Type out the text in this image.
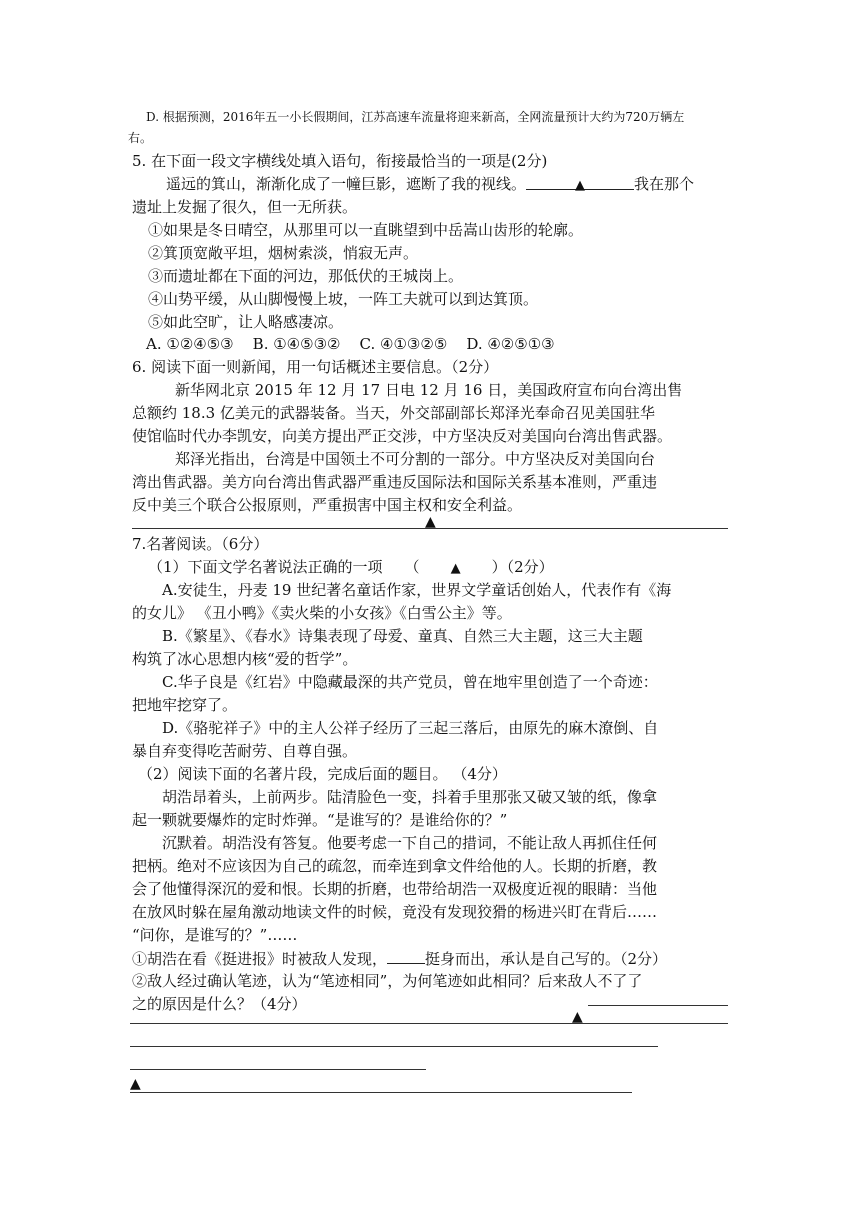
D. 根据预测，2016年五一小长假期间，江苏高速车流量将迎来新高，全网流量预计大约为720万辆左
右。
5. 在下面一段文字横线处填入语句，衔接最恰当的一项是(2分)
遥远的箕山，渐渐化成了一幢巨影，遮断了我的视线。	▲	我在那个
遗址上发掘了很久，但一无所获。
①如果是冬日晴空，从那里可以一直眺望到中岳嵩山齿形的轮廓。
②箕顶宽敞平坦，烟树索淡，悄寂无声。
③而遗址都在下面的河边，那低伏的王城岗上。
④山势平缓，从山脚慢慢上坡，一阵工夫就可以到达箕顶。
⑤如此空旷，让人略感凄凉。
A. ①②④⑤③    B. ①④⑤③②    C. ④①③②⑤    D. ④②⑤①③
6. 阅读下面一则新闻，用一句话概述主要信息。（2分）
新华网北京 2015 年 12 月 17 日电 12 月 16 日，美国政府宣布向台湾出售
总额约 18.3 亿美元的武器装备。当天，外交部副部长郑泽光奉命召见美国驻华
使馆临时代办李凯安，向美方提出严正交涉，中方坚决反对美国向台湾出售武器。
郑泽光指出，台湾是中国领土不可分割的一部分。中方坚决反对美国向台
湾出售武器。美方向台湾出售武器严重违反国际法和国际关系基本准则，严重违
反中美三个联合公报原则，严重损害中国主权和安全利益。
▲
7.名著阅读。（6分）
（1）下面文学名著说法正确的一项 （ ▲ ）（2分）
A.安徒生，丹麦 19 世纪著名童话作家，世界文学童话创始人，代表作有《海
的女儿》 《丑小鸭》《卖火柴的小女孩》《白雪公主》等。
B.《繁星》、《春水》诗集表现了母爱、童真、自然三大主题，这三大主题
构筑了冰心思想内核“爱的哲学”。
C.华子良是《红岩》中隐藏最深的共产党员，曾在地牢里创造了一个奇迹：
把地牢挖穿了。
D.《骆驼祥子》中的主人公祥子经历了三起三落后，由原先的麻木潦倒、自
暴自弃变得吃苦耐劳、自尊自强。
（2）阅读下面的名著片段，完成后面的题目。 （4分）
胡浩昂着头，上前两步。陆清脸色一变，抖着手里那张又破又皱的纸，像拿
起一颗就要爆炸的定时炸弹。“是谁写的？是谁给你的？”
沉默着。胡浩没有答复。他要考虑一下自己的措词，不能让敌人再抓住任何
把柄。绝对不应该因为自己的疏忽，而牵连到拿文件给他的人。长期的折磨，教
会了他懂得深沉的爱和恨。长期的折磨，也带给胡浩一双极度近视的眼睛：当他
在放风时躲在屋角激动地读文件的时候，竟没有发现狡猾的杨进兴盯在背后……
“问你，是谁写的？”……
①胡浩在看《挺进报》时被敌人发现，	挺身而出，承认是自己写的。（2分）
②敌人经过确认笔迹，认为“笔迹相同”，为何笔迹如此相同？后来敌人不了了
之的原因是什么？（4分）
▲
▲
